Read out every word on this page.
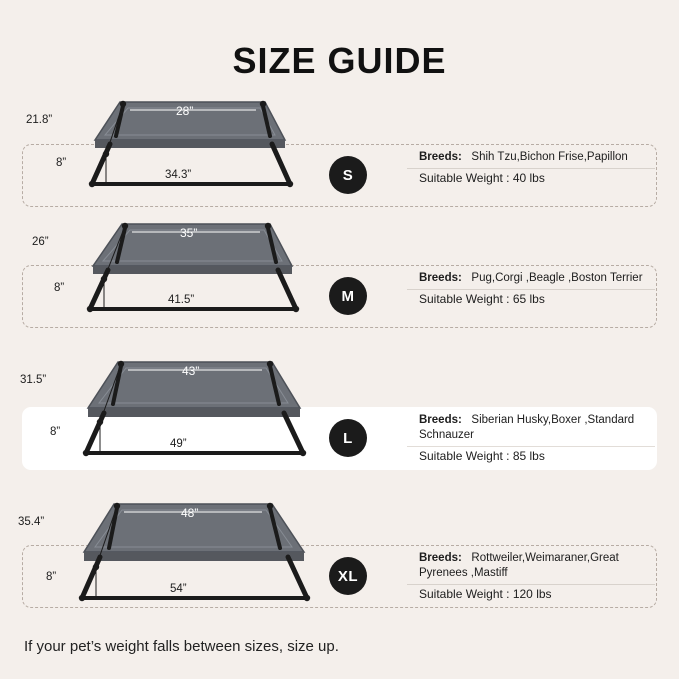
SIZE GUIDE
S
Breeds: Shih Tzu,Bichon Frise,Papillon
Suitable Weight : 40 lbs
21.8”
8”
28”
34.3”
M
Breeds: Pug,Corgi ,Beagle ,Boston Terrier
Suitable Weight : 65 lbs
26”
8”
35”
41.5”
L
Breeds: Siberian Husky,Boxer ,Standard Schnauzer
Suitable Weight : 85 lbs
31.5”
8”
43”
49”
XL
Breeds: Rottweiler,Weimaraner,Great Pyrenees ,Mastiff
Suitable Weight : 120 lbs
35.4”
8”
48”
54”
If your pet’s weight falls between sizes, size up.
